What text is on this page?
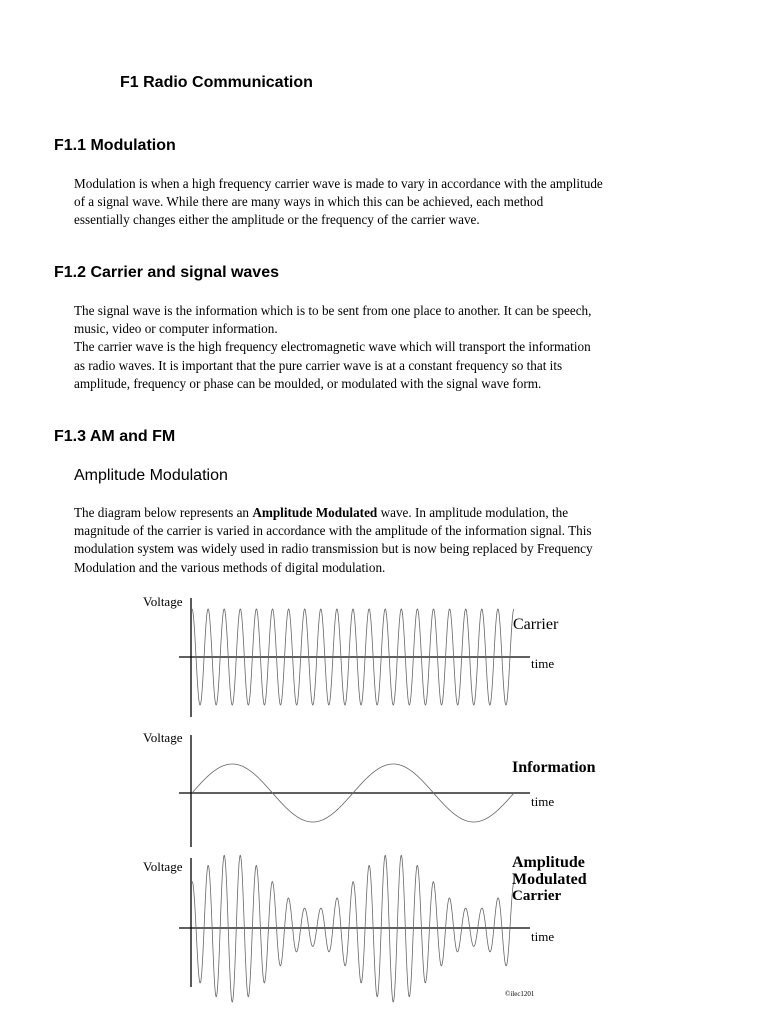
F1 Radio Communication
F1.1 Modulation
Modulation is when a high frequency carrier wave is made to vary in accordance with the amplitude
of a signal wave. While there are many ways in which this can be achieved, each method
essentially changes either the amplitude or the frequency of the carrier wave.
F1.2 Carrier and signal waves
The signal wave is the information which is to be sent from one place to another. It can be speech,
music, video or computer information.
The carrier wave is the high frequency electromagnetic wave which will transport the information
as radio waves. It is important that the pure carrier wave is at a constant frequency so that its
amplitude, frequency or phase can be moulded, or modulated with the signal wave form.
F1.3 AM and FM
Amplitude Modulation
The diagram below represents an Amplitude Modulated wave. In amplitude modulation, the
magnitude of the carrier is varied in accordance with the amplitude of the information signal. This
modulation system was widely used in radio transmission but is now being replaced by Frequency
Modulation and the various methods of digital modulation.
Voltage
time
Carrier
Voltage
time
Information
Voltage
time
Amplitude
Modulated
Carrier
©ilec1201
